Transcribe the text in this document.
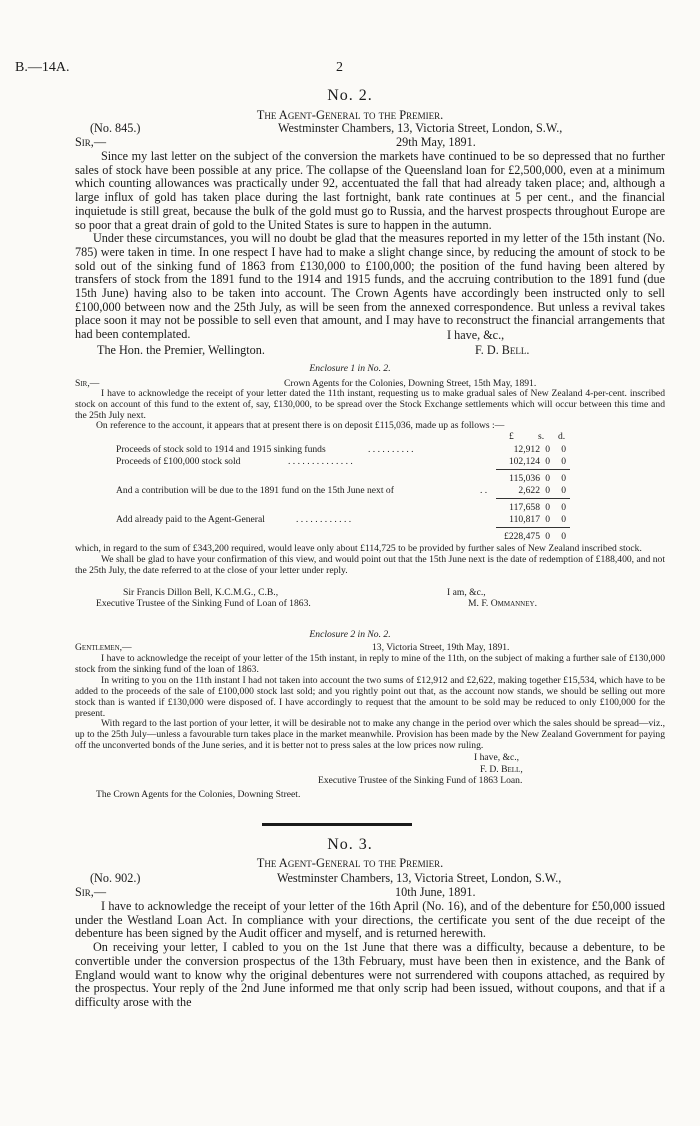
B.—14A.	2
No. 2.
The Agent-General to the Premier.
(No. 845.)	Westminster Chambers, 13, Victoria Street, London, S.W.,
Sir,—	29th May, 1891.

Since my last letter on the subject of the conversion the markets have continued to be so depressed that no further sales of stock have been possible at any price. The collapse of the Queensland loan for £2,500,000, even at a minimum which counting allowances was practically under 92, accentuated the fall that had already taken place; and, although a large influx of gold has taken place during the last fortnight, bank rate continues at 5 per cent., and the financial inquietude is still great, because the bulk of the gold must go to Russia, and the harvest prospects throughout Europe are so poor that a great drain of gold to the United States is sure to happen in the autumn.

Under these circumstances, you will no doubt be glad that the measures reported in my letter of the 15th instant (No. 785) were taken in time. In one respect I have had to make a slight change since, by reducing the amount of stock to be sold out of the sinking fund of 1863 from £130,000 to £100,000; the position of the fund having been altered by transfers of stock from the 1891 fund to the 1914 and 1915 funds, and the accruing contribution to the 1891 fund (due 15th June) having also to be taken into account. The Crown Agents have accordingly been instructed only to sell £100,000 between now and the 25th July, as will be seen from the annexed correspondence. But unless a revival takes place soon it may not be possible to sell even that amount, and I may have to reconstruct the financial arrangements that had been contemplated.	I have, &c.,
The Hon. the Premier, Wellington.	F. D. Bell.
Enclosure 1 in No. 2.
Sir,—	Crown Agents for the Colonies, Downing Street, 15th May, 1891.

I have to acknowledge the receipt of your letter dated the 11th instant, requesting us to make gradual sales of New Zealand 4-per-cent. inscribed stock on account of this fund to the extent of, say, £130,000, to be spread over the Stock Exchange settlements which will occur between this time and the 25th July next.

On reference to the account, it appears that at present there is on deposit £115,036, made up as follows :—
£	s. d.
Proceeds of stock sold to 1914 and 1915 sinking funds	. . . . . . . . . .	12,912 0	0
Proceeds of £100,000 stock sold	. . . . . . . . . . . . . .	102,124 0	0
115,036 0	0
And a contribution will be due to the 1891 fund on the 15th June next of	. .	2,622 0	0
117,658 0	0
Add already paid to the Agent-General	. . . . . . . . . . . .	110,817 0	0
£228,475 0	0

which, in regard to the sum of £343,200 required, would leave only about £114,725 to be provided by further sales of New Zealand inscribed stock.

We shall be glad to have your confirmation of this view, and would point out that the 15th June next is the date of redemption of £188,400, and not the 25th July, the date referred to at the close of your letter under reply.

Sir Francis Dillon Bell, K.C.M.G., C.B.,	I am, &c.,
Executive Trustee of the Sinking Fund of Loan of 1863.	M. F. Ommanney.
Enclosure 2 in No. 2.
Gentlemen,—	13, Victoria Street, 19th May, 1891.

I have to acknowledge the receipt of your letter of the 15th instant, in reply to mine of the 11th, on the subject of making a further sale of £130,000 stock from the sinking fund of the loan of 1863.

In writing to you on the 11th instant I had not taken into account the two sums of £12,912 and £2,622, making together £15,534, which have to be added to the proceeds of the sale of £100,000 stock last sold; and you rightly point out that, as the account now stands, we should be selling out more stock than is wanted if £130,000 were disposed of. I have accordingly to request that the amount to be sold may be reduced to only £100,000 for the present.

With regard to the last portion of your letter, it will be desirable not to make any change in the period over which the sales should be spread—viz., up to the 25th July—unless a favourable turn takes place in the market meanwhile. Provision has been made by the New Zealand Government for paying off the unconverted bonds of the June series, and it is better not to press sales at the low prices now ruling.

I have, &c.,
F. D. Bell,
Executive Trustee of the Sinking Fund of 1863 Loan.
The Crown Agents for the Colonies, Downing Street.
No. 3.
The Agent-General to the Premier.
(No. 902.)	Westminster Chambers, 13, Victoria Street, London, S.W.,
Sir,—	10th June, 1891.

I have to acknowledge the receipt of your letter of the 16th April (No. 16), and of the debenture for £50,000 issued under the Westland Loan Act. In compliance with your directions, the certificate you sent of the due receipt of the debenture has been signed by the Audit officer and myself, and is returned herewith.

On receiving your letter, I cabled to you on the 1st June that there was a difficulty, because a debenture, to be convertible under the conversion prospectus of the 13th February, must have been then in existence, and the Bank of England would want to know why the original debentures were not surrendered with coupons attached, as required by the prospectus. Your reply of the 2nd June informed me that only scrip had been issued, without coupons, and that if a difficulty arose with the
